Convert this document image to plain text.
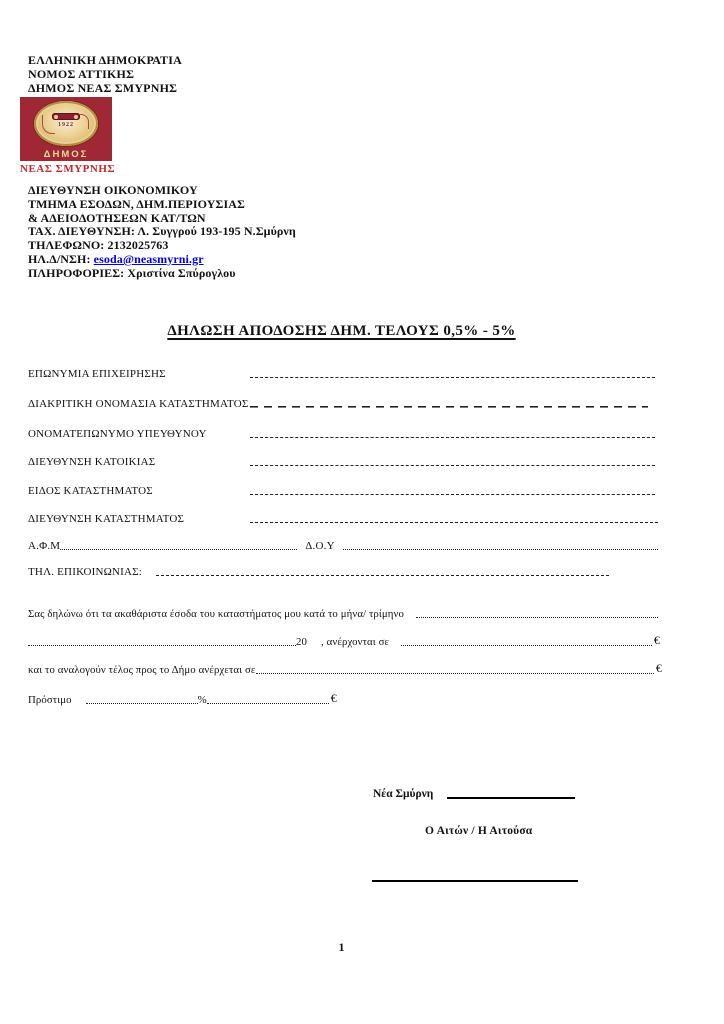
ΕΛΛΗΝΙΚΗ ΔΗΜΟΚΡΑΤΙΑ
ΝΟΜΟΣ ΑΤΤΙΚΗΣ
ΔΗΜΟΣ ΝΕΑΣ ΣΜΥΡΝΗΣ
1922
ΔΗΜΟΣ
ΝΕΑΣ ΣΜΥΡΝΗΣ
ΔΙΕΥΘΥΝΣΗ ΟΙΚΟΝΟΜΙΚΟΥ
ΤΜΗΜΑ ΕΣΟΔΩΝ, ΔΗΜ.ΠΕΡΙΟΥΣΙΑΣ
& ΑΔΕΙΟΔΟΤΗΣΕΩΝ ΚΑΤ/ΤΩΝ
ΤΑΧ. ΔΙΕΥΘΥΝΣΗ: Λ. Συγγρού 193-195 Ν.Σμύρνη
ΤΗΛΕΦΩΝΟ: 2132025763
ΗΛ.Δ/ΝΣΗ: esoda@neasmyrni.gr
ΠΛΗΡΟΦΟΡΙΕΣ: Χριστίνα Σπύρογλου
ΔΗΛΩΣΗ ΑΠΟΔΟΣΗΣ ΔΗΜ. ΤΕΛΟΥΣ 0,5% - 5%
ΕΠΩΝΥΜΙΑ ΕΠΙΧΕΙΡΗΣΗΣ
ΔΙΑΚΡΙΤΙΚΗ ΟΝΟΜΑΣΙΑ ΚΑΤΑΣΤΗΜΑΤΟΣ
ΟΝΟΜΑΤΕΠΩΝΥΜΟ ΥΠΕΥΘΥΝΟΥ
ΔΙΕΥΘΥΝΣΗ ΚΑΤΟΙΚΙΑΣ
ΕΙΔΟΣ ΚΑΤΑΣΤΗΜΑΤΟΣ
ΔΙΕΥΘΥΝΣΗ ΚΑΤΑΣΤΗΜΑΤΟΣ
Α.Φ.Μ	Δ.Ο.Υ
ΤΗΛ. ΕΠΙΚΟΙΝΩΝΙΑΣ:
Σας δηλώνω ότι τα ακαθάριστα έσοδα του καταστήματος μου κατά το μήνα/ τρίμηνο
20 , ανέρχονται σε	€
και το αναλογούν τέλος προς το Δήμο ανέρχεται σε	€
Πρόστιμο	%	€
Νέα Σμύρνη
Ο Αιτών / Η Αιτούσα
1
